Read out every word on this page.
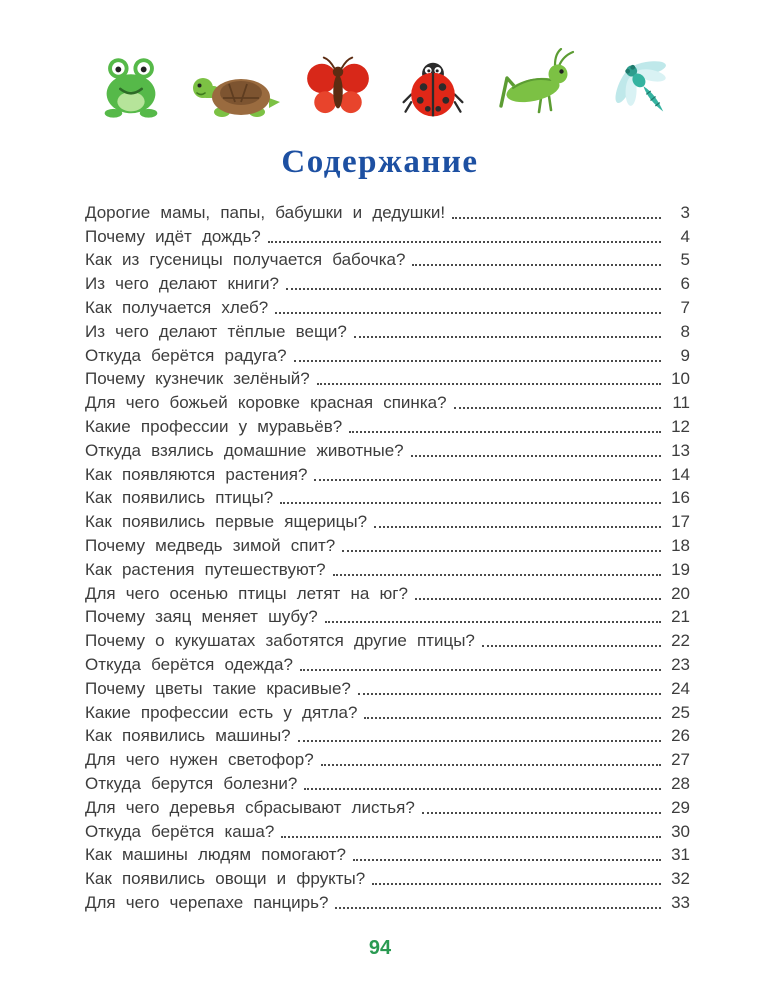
Содержание
Дорогие мамы, папы, бабушки и дедушки!	3
Почему идёт дождь?	4
Как из гусеницы получается бабочка?	5
Из чего делают книги?	6
Как получается хлеб?	7
Из чего делают тёплые вещи?	8
Откуда берётся радуга?	9
Почему кузнечик зелёный?	10
Для чего божьей коровке красная спинка?	11
Какие профессии у муравьёв?	12
Откуда взялись домашние животные?	13
Как появляются растения?	14
Как появились птицы?	16
Как появились первые ящерицы?	17
Почему медведь зимой спит?	18
Как растения путешествуют?	19
Для чего осенью птицы летят на юг?	20
Почему заяц меняет шубу?	21
Почему о кукушатах заботятся другие птицы?	22
Откуда берётся одежда?	23
Почему цветы такие красивые?	24
Какие профессии есть у дятла?	25
Как появились машины?	26
Для чего нужен светофор?	27
Откуда берутся болезни?	28
Для чего деревья сбрасывают листья?	29
Откуда берётся каша?	30
Как машины людям помогают?	31
Как появились овощи и фрукты?	32
Для чего черепахе панцирь?	33
94
